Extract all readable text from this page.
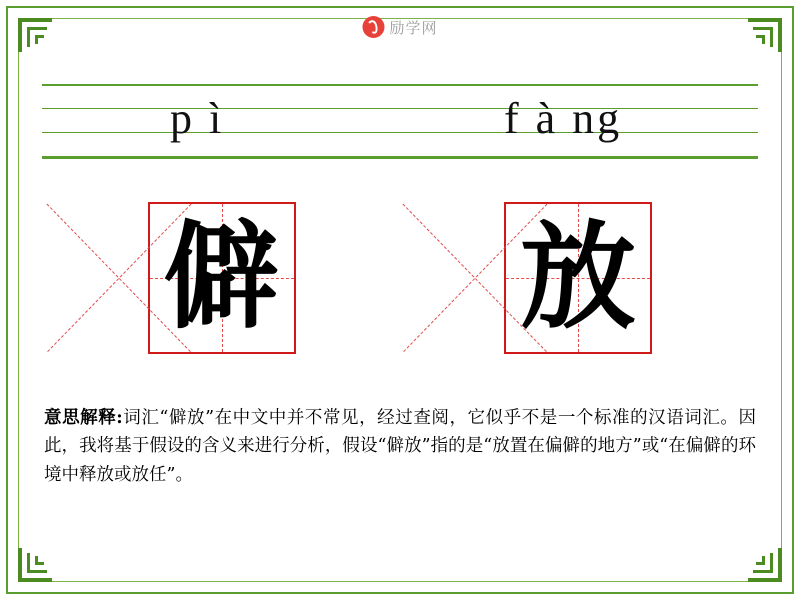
励学网
p ì	f à ng
僻 放
意思解释:词汇“僻放”在中文中并不常见，经过查阅，它似乎不是一个标准的汉语词汇。因此，我将基于假设的含义来进行分析，假设“僻放”指的是“放置在偏僻的地方”或“在偏僻的环境中释放或放任”。
